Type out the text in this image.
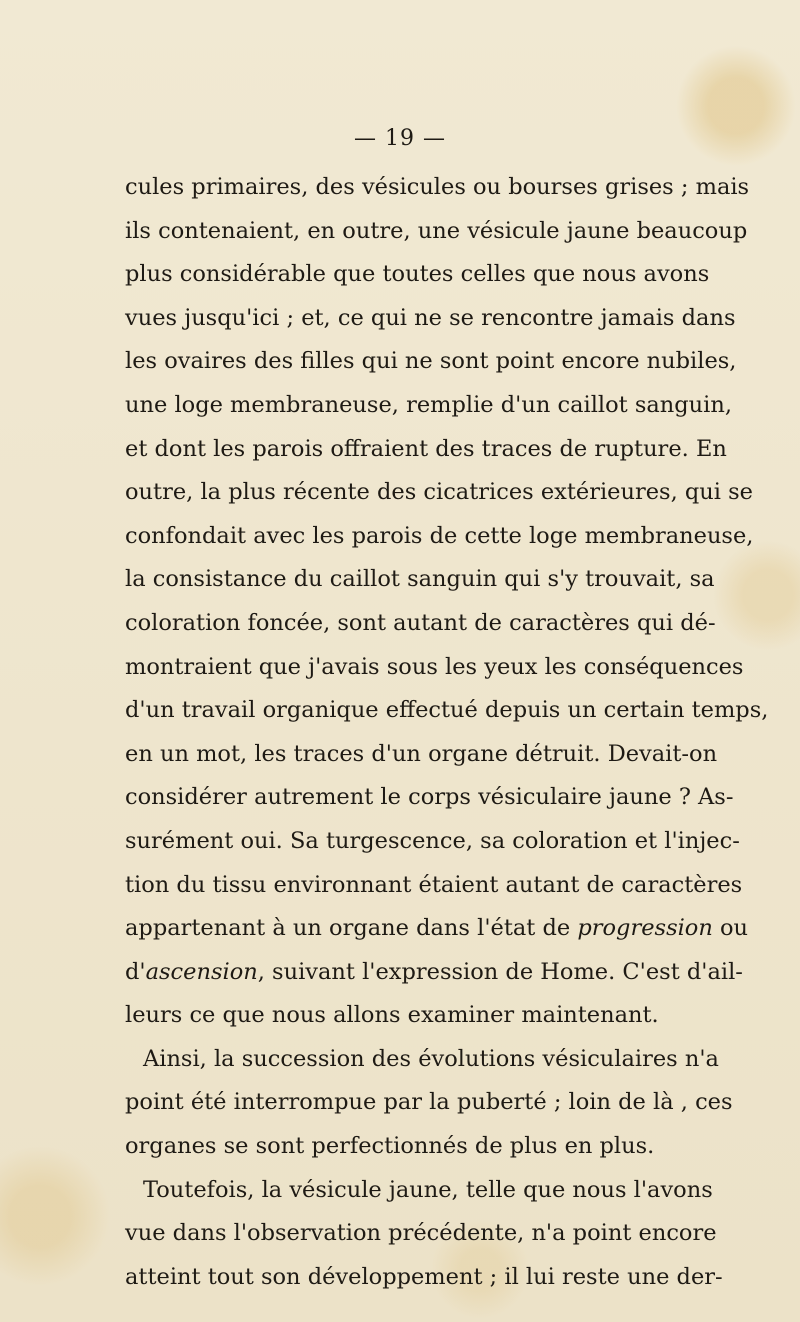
— 19 —
cules primaires, des vésicules ou bourses grises ; mais
ils contenaient, en outre, une vésicule jaune beaucoup
plus considérable que toutes celles que nous avons
vues jusqu'ici ; et, ce qui ne se rencontre jamais dans
les ovaires des filles qui ne sont point encore nubiles,
une loge membraneuse, remplie d'un caillot sanguin,
et dont les parois offraient des traces de rupture. En
outre, la plus récente des cicatrices extérieures, qui se
confondait avec les parois de cette loge membraneuse,
la consistance du caillot sanguin qui s'y trouvait, sa
coloration foncée, sont autant de caractères qui dé-
montraient que j'avais sous les yeux les conséquences
d'un travail organique effectué depuis un certain temps,
en un mot, les traces d'un organe détruit. Devait-on
considérer autrement le corps vésiculaire jaune ? As-
surément oui. Sa turgescence, sa coloration et l'injec-
tion du tissu environnant étaient autant de caractères
appartenant à un organe dans l'état de progression ou
d'ascension, suivant l'expression de Home. C'est d'ail-
leurs ce que nous allons examiner maintenant.
Ainsi, la succession des évolutions vésiculaires n'a
point été interrompue par la puberté ; loin de là , ces
organes se sont perfectionnés de plus en plus.
Toutefois, la vésicule jaune, telle que nous l'avons
vue dans l'observation précédente, n'a point encore
atteint tout son développement ; il lui reste une der-
